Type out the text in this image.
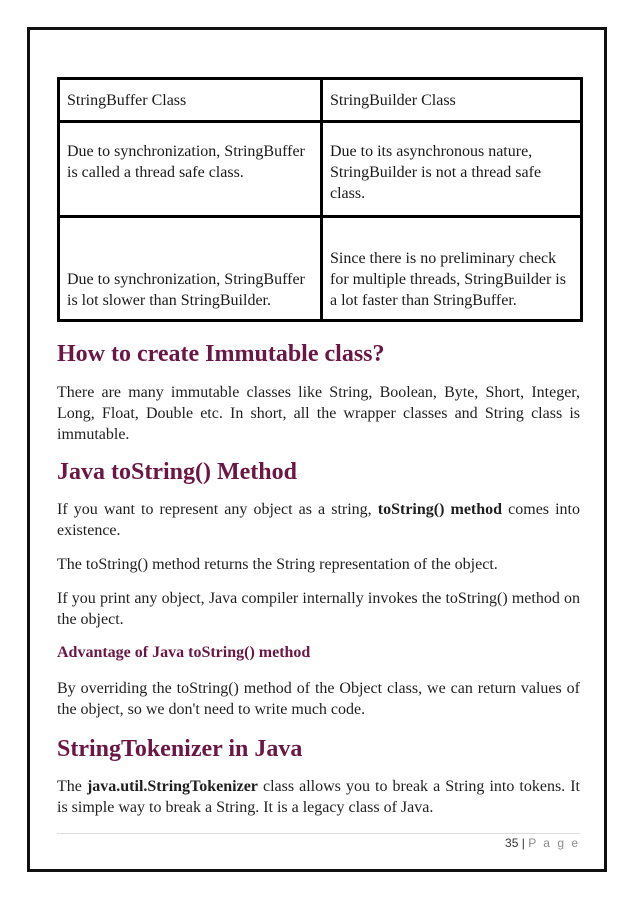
StringBuffer Class	StringBuilder Class
Due to synchronization, StringBuffer is called a thread safe class.	Due to its asynchronous nature, StringBuilder is not a thread safe class.
Due to synchronization, StringBuffer is lot slower than StringBuilder.	Since there is no preliminary check for multiple threads, StringBuilder is a lot faster than StringBuffer.
How to create Immutable class?

There are many immutable classes like String, Boolean, Byte, Short, Integer, Long, Float, Double etc. In short, all the wrapper classes and String class is immutable.

Java toString() Method

If you want to represent any object as a string, toString() method comes into existence.

The toString() method returns the String representation of the object.

If you print any object, Java compiler internally invokes the toString() method on the object.

Advantage of Java toString() method

By overriding the toString() method of the Object class, we can return values of the object, so we don't need to write much code.

StringTokenizer in Java

The java.util.StringTokenizer class allows you to break a String into tokens. It is simple way to break a String. It is a legacy class of Java.

35 | P a g e
